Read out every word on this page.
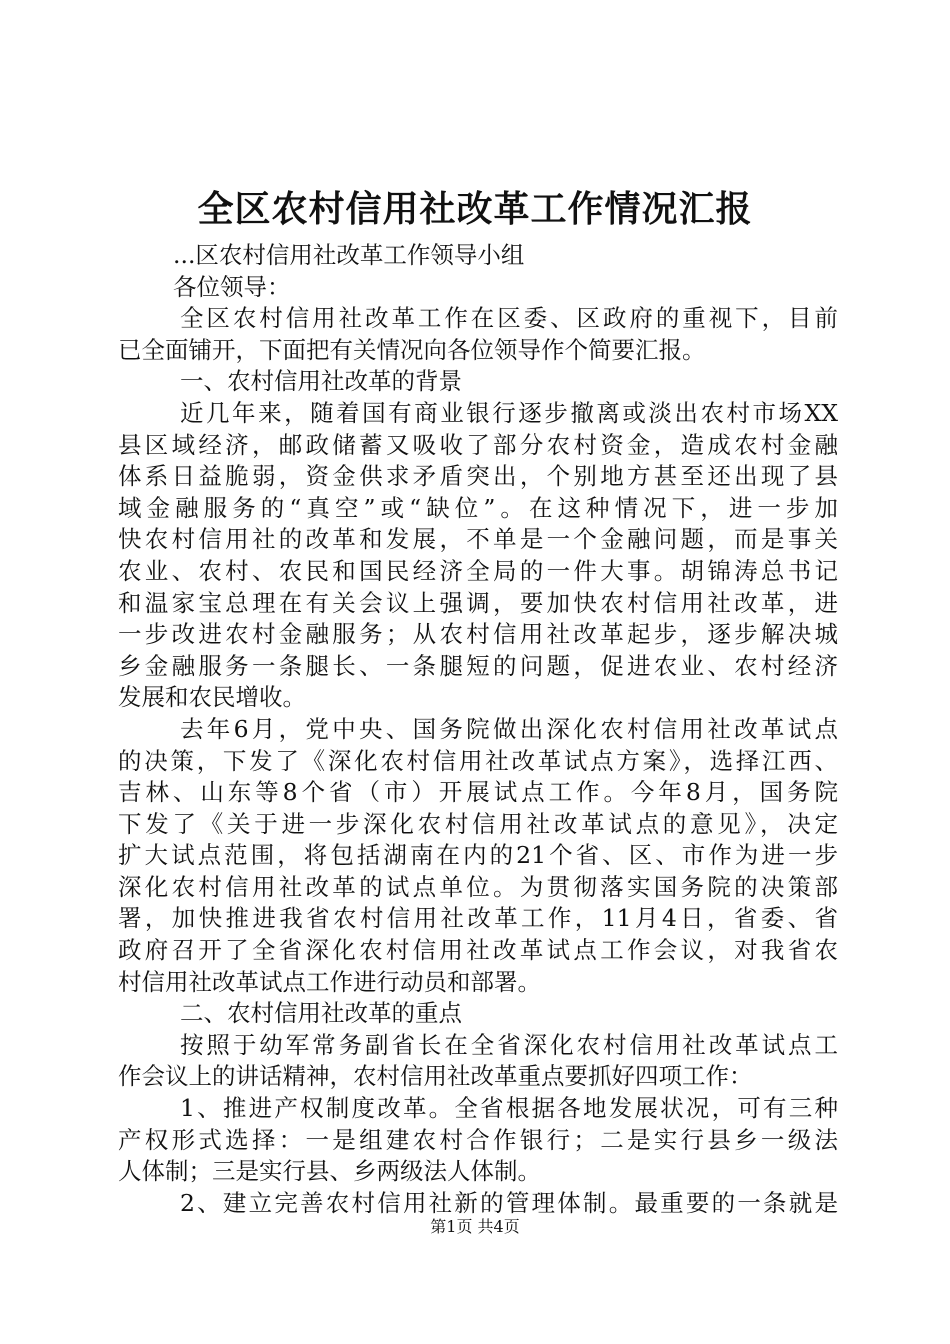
全区农村信用社改革工作情况汇报
...区农村信用社改革工作领导小组
各位领导：
全区农村信用社改革工作在区委、区政府的重视下，目前
已全面铺开，下面把有关情况向各位领导作个简要汇报。
一、农村信用社改革的背景
近几年来，随着国有商业银行逐步撤离或淡出农村市场XX
县区域经济，邮政储蓄又吸收了部分农村资金，造成农村金融
体系日益脆弱，资金供求矛盾突出，个别地方甚至还出现了县
域金融服务的“真空”或“缺位”。在这种情况下，进一步加
快农村信用社的改革和发展，不单是一个金融问题，而是事关
农业、农村、农民和国民经济全局的一件大事。胡锦涛总书记
和温家宝总理在有关会议上强调，要加快农村信用社改革，进
一步改进农村金融服务；从农村信用社改革起步，逐步解决城
乡金融服务一条腿长、一条腿短的问题，促进农业、农村经济
发展和农民增收。
去年6月，党中央、国务院做出深化农村信用社改革试点
的决策，下发了《深化农村信用社改革试点方案》，选择江西、
吉林、山东等8个省（市）开展试点工作。今年8月，国务院
下发了《关于进一步深化农村信用社改革试点的意见》，决定
扩大试点范围，将包括湖南在内的21个省、区、市作为进一步
深化农村信用社改革的试点单位。为贯彻落实国务院的决策部
署，加快推进我省农村信用社改革工作，11月4日，省委、省
政府召开了全省深化农村信用社改革试点工作会议，对我省农
村信用社改革试点工作进行动员和部署。
二、农村信用社改革的重点
按照于幼军常务副省长在全省深化农村信用社改革试点工
作会议上的讲话精神，农村信用社改革重点要抓好四项工作：
1、推进产权制度改革。全省根据各地发展状况，可有三种
产权形式选择：一是组建农村合作银行；二是实行县乡一级法
人体制；三是实行县、乡两级法人体制。
2、建立完善农村信用社新的管理体制。最重要的一条就是
第1页 共4页
